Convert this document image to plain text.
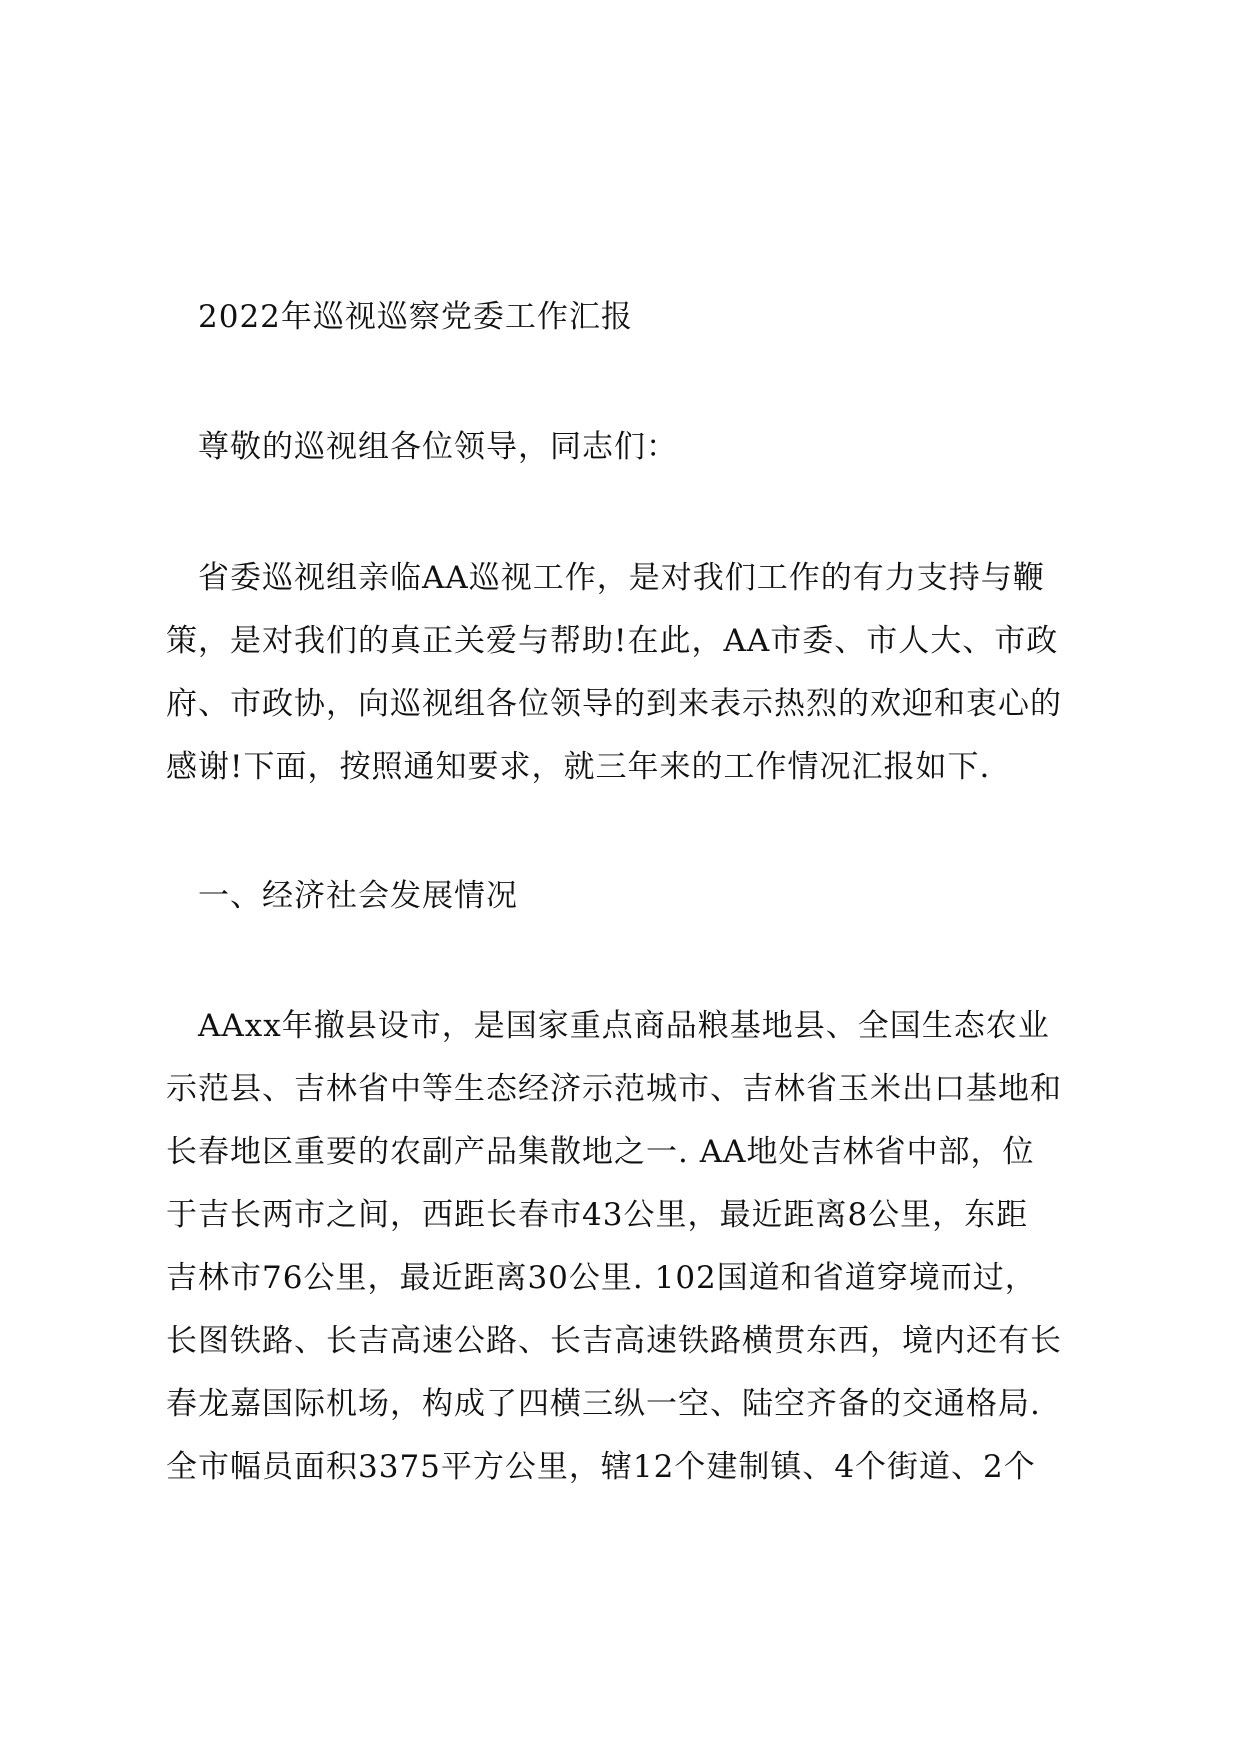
2022年巡视巡察党委工作汇报
尊敬的巡视组各位领导，同志们：
省委巡视组亲临AA巡视工作，是对我们工作的有力支持与鞭
策，是对我们的真正关爱与帮助!在此，AA市委、市人大、市政
府、市政协，向巡视组各位领导的到来表示热烈的欢迎和衷心的
感谢!下面，按照通知要求，就三年来的工作情况汇报如下.
一、经济社会发展情况
AAxx年撤县设市，是国家重点商品粮基地县、全国生态农业
示范县、吉林省中等生态经济示范城市、吉林省玉米出口基地和
长春地区重要的农副产品集散地之一. AA地处吉林省中部，位
于吉长两市之间，西距长春市43公里，最近距离8公里，东距
吉林市76公里，最近距离30公里. 102国道和省道穿境而过，
长图铁路、长吉高速公路、长吉高速铁路横贯东西，境内还有长
春龙嘉国际机场，构成了四横三纵一空、陆空齐备的交通格局.
全市幅员面积3375平方公里，辖12个建制镇、4个街道、2个
